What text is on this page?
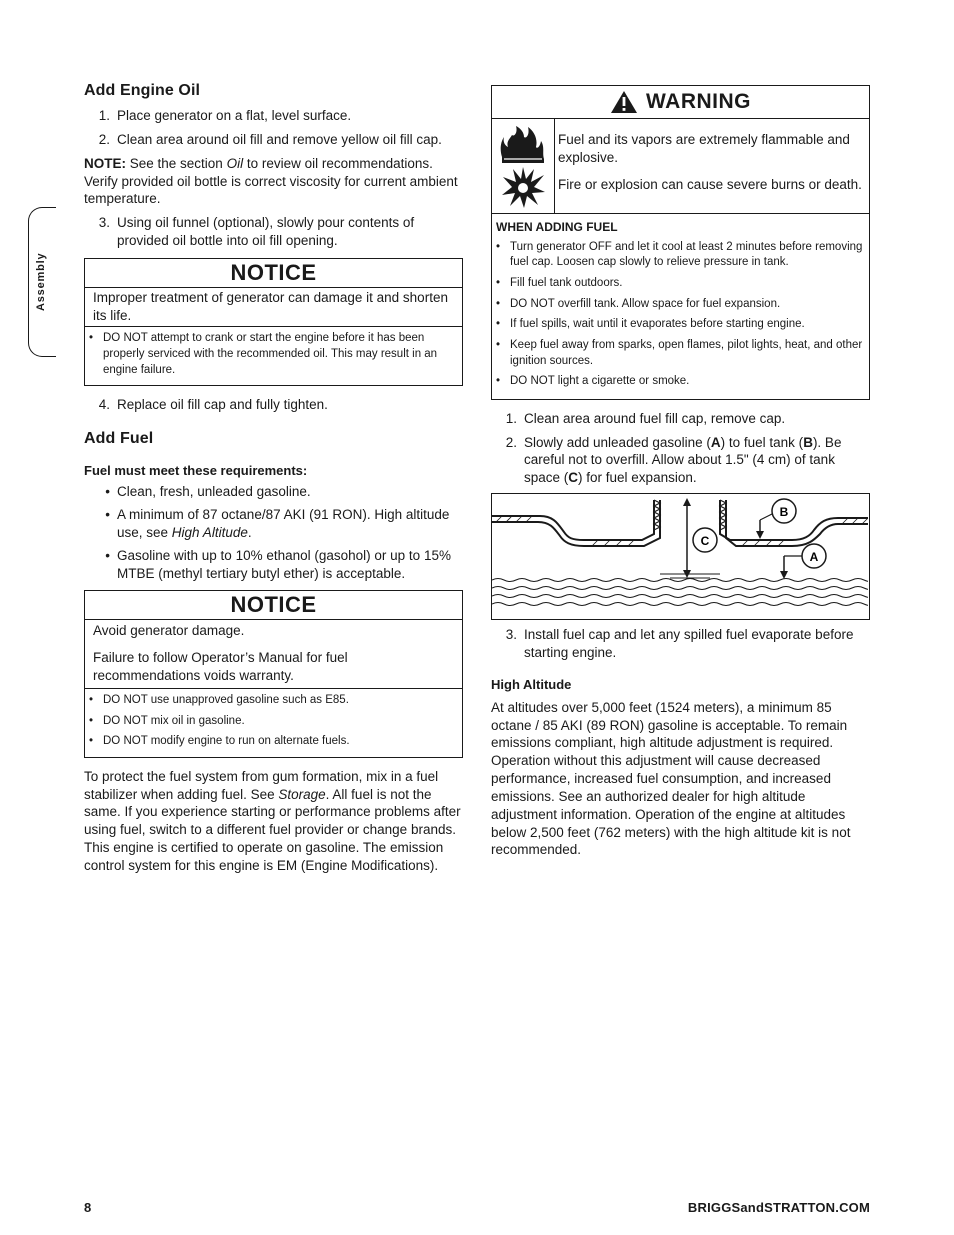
Assembly
Add Engine Oil
1. Place generator on a flat, level surface.
2. Clean area around oil fill and remove yellow oil fill cap.

NOTE: See the section Oil to review oil recommendations. Verify provided oil bottle is correct viscosity for current ambient temperature.

3. Using oil funnel (optional), slowly pour contents of provided oil bottle into oil fill opening.
NOTICE

Improper treatment of generator can damage it and shorten its life.

• DO NOT attempt to crank or start the engine before it has been properly serviced with the recommended oil. This may result in an engine failure.
4. Replace oil fill cap and fully tighten.
Add Fuel
Fuel must meet these requirements:
• Clean, fresh, unleaded gasoline.
• A minimum of 87 octane/87 AKI (91 RON). High altitude use, see High Altitude.
• Gasoline with up to 10% ethanol (gasohol) or up to 15% MTBE (methyl tertiary butyl ether) is acceptable.
NOTICE

Avoid generator damage.

Failure to follow Operator’s Manual for fuel recommendations voids warranty.

• DO NOT use unapproved gasoline such as E85.
• DO NOT mix oil in gasoline.
• DO NOT modify engine to run on alternate fuels.

To protect the fuel system from gum formation, mix in a fuel stabilizer when adding fuel. See Storage. All fuel is not the same. If you experience starting or performance problems after using fuel, switch to a different fuel provider or change brands. This engine is certified to operate on gasoline. The emission control system for this engine is EM (Engine Modifications).

WARNING

Fuel and its vapors are extremely flammable and explosive.

Fire or explosion can cause severe burns or death.

WHEN ADDING FUEL
• Turn generator OFF and let it cool at least 2 minutes before removing fuel cap. Loosen cap slowly to relieve pressure in tank.
• Fill fuel tank outdoors.
• DO NOT overfill tank. Allow space for fuel expansion.
• If fuel spills, wait until it evaporates before starting engine.
• Keep fuel away from sparks, open flames, pilot lights, heat, and other ignition sources.
• DO NOT light a cigarette or smoke.
1. Clean area around fuel fill cap, remove cap.
2. Slowly add unleaded gasoline (A) to fuel tank (B). Be careful not to overfill. Allow about 1.5" (4 cm) of tank space (C) for fuel expansion.
B
A
C
3. Install fuel cap and let any spilled fuel evaporate before starting engine.
High Altitude

At altitudes over 5,000 feet (1524 meters), a minimum 85 octane / 85 AKI (89 RON) gasoline is acceptable. To remain emissions compliant, high altitude adjustment is required. Operation without this adjustment will cause decreased performance, increased fuel consumption, and increased emissions. See an authorized dealer for high altitude adjustment information. Operation of the engine at altitudes below 2,500 feet (762 meters) with the high altitude kit is not recommended.

8	BRIGGSandSTRATTON.COM
